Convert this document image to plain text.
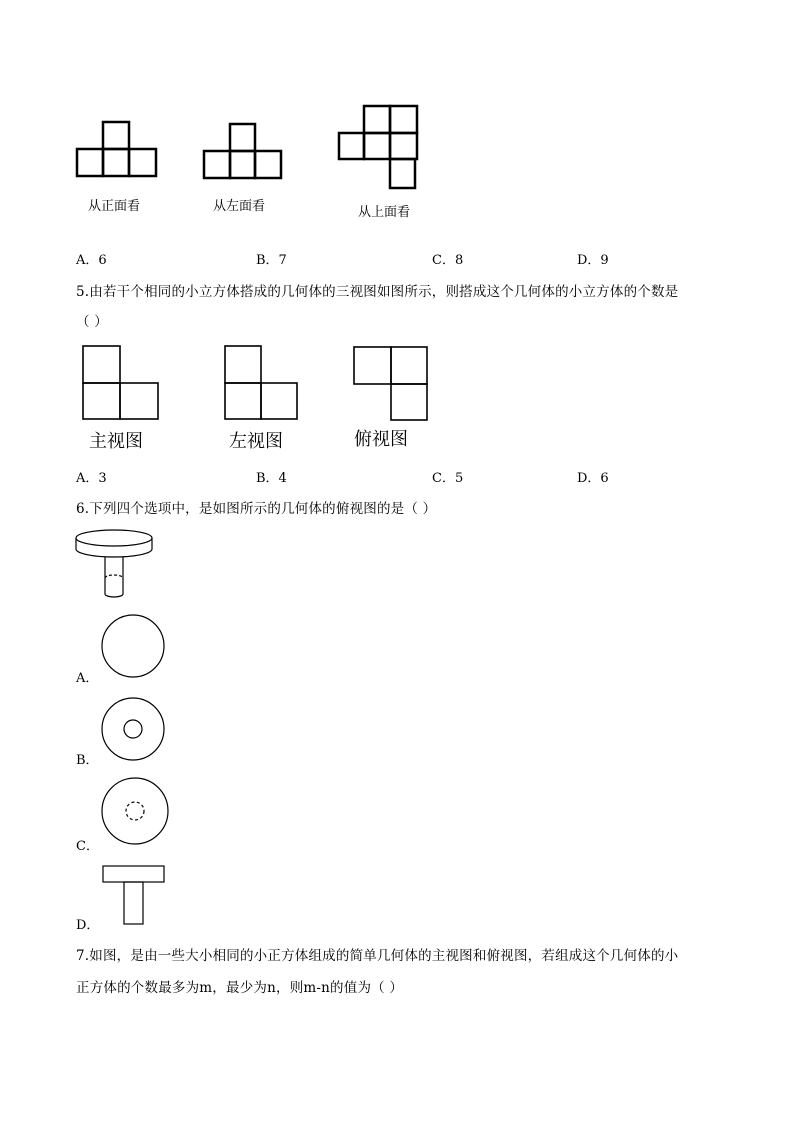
从正面看	从左面看	从上面看
A．6	B．7	C．8	D．9
5.由若干个相同的小立方体搭成的几何体的三视图如图所示，则搭成这个几何体的小立方体的个数是
（ ）
主视图	左视图	俯视图
A．3	B．4	C．5	D．6
6.下列四个选项中，是如图所示的几何体的俯视图的是（ ）
A．
B．
C．
D．
7.如图，是由一些大小相同的小正方体组成的简单几何体的主视图和俯视图，若组成这个几何体的小
正方体的个数最多为m，最少为n，则m-n的值为（ ）
